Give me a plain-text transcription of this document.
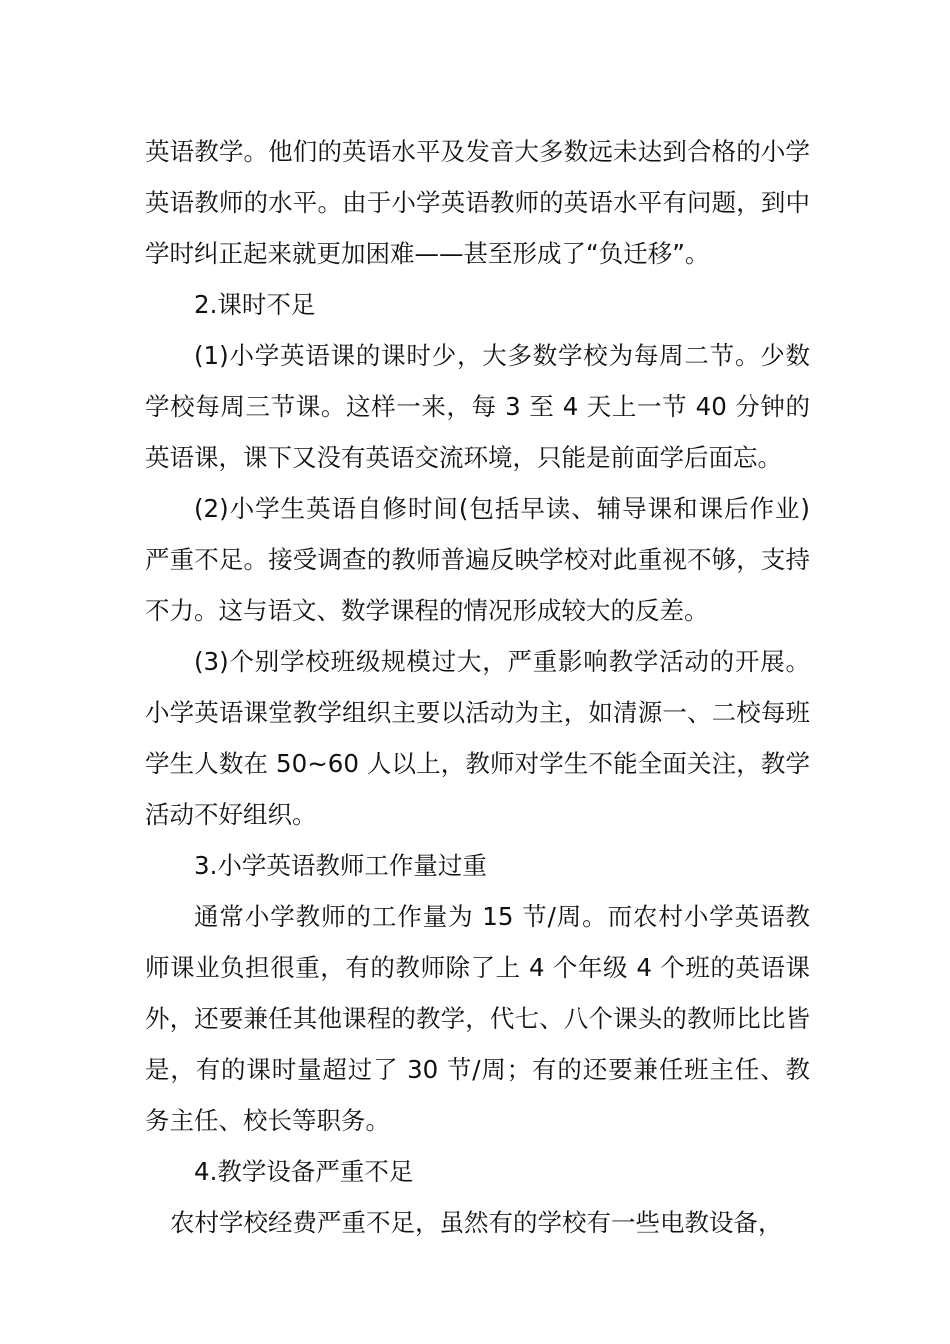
英语教学。他们的英语水平及发音大多数远未达到合格的小学英语教师的水平。由于小学英语教师的英语水平有问题，到中学时纠正起来就更加困难——甚至形成了“负迁移”。

2.课时不足

(1)小学英语课的课时少，大多数学校为每周二节。少数学校每周三节课。这样一来，每 3 至 4 天上一节 40 分钟的英语课，课下又没有英语交流环境，只能是前面学后面忘。

(2)小学生英语自修时间(包括早读、辅导课和课后作业)严重不足。接受调查的教师普遍反映学校对此重视不够，支持不力。这与语文、数学课程的情况形成较大的反差。

(3)个别学校班级规模过大，严重影响教学活动的开展。小学英语课堂教学组织主要以活动为主，如清源一、二校每班学生人数在 50~60 人以上，教师对学生不能全面关注，教学活动不好组织。

3.小学英语教师工作量过重

通常小学教师的工作量为 15 节/周。而农村小学英语教师课业负担很重，有的教师除了上 4 个年级 4 个班的英语课外，还要兼任其他课程的教学，代七、八个课头的教师比比皆是，有的课时量超过了 30 节/周；有的还要兼任班主任、教务主任、校长等职务。

4.教学设备严重不足

农村学校经费严重不足，虽然有的学校有一些电教设备，
